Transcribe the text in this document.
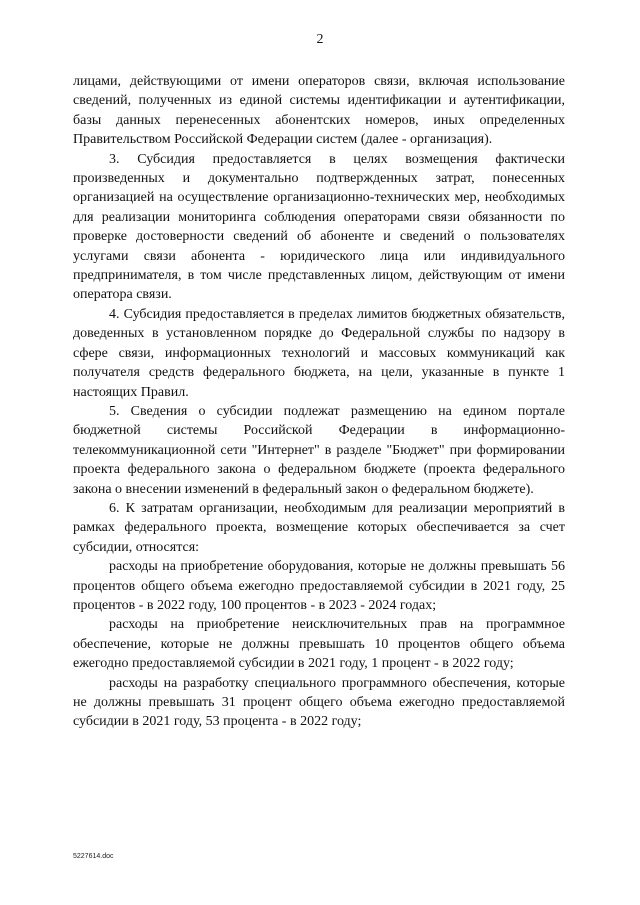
2

лицами, действующими от имени операторов связи, включая использование сведений, полученных из единой системы идентификации и аутентификации, базы данных перенесенных абонентских номеров, иных определенных Правительством Российской Федерации систем (далее - организация).

3. Субсидия предоставляется в целях возмещения фактически произведенных и документально подтвержденных затрат, понесенных организацией на осуществление организационно-технических мер, необходимых для реализации мониторинга соблюдения операторами связи обязанности по проверке достоверности сведений об абоненте и сведений о пользователях услугами связи абонента - юридического лица или индивидуального предпринимателя, в том числе представленных лицом, действующим от имени оператора связи.

4. Субсидия предоставляется в пределах лимитов бюджетных обязательств, доведенных в установленном порядке до Федеральной службы по надзору в сфере связи, информационных технологий и массовых коммуникаций как получателя средств федерального бюджета, на цели, указанные в пункте 1 настоящих Правил.

5. Сведения о субсидии подлежат размещению на едином портале бюджетной системы Российской Федерации в информационно-телекоммуникационной сети "Интернет" в разделе "Бюджет" при формировании проекта федерального закона о федеральном бюджете (проекта федерального закона о внесении изменений в федеральный закон о федеральном бюджете).

6. К затратам организации, необходимым для реализации мероприятий в рамках федерального проекта, возмещение которых обеспечивается за счет субсидии, относятся:

расходы на приобретение оборудования, которые не должны превышать 56 процентов общего объема ежегодно предоставляемой субсидии в 2021 году, 25 процентов - в 2022 году, 100 процентов - в 2023 - 2024 годах;

расходы на приобретение неисключительных прав на программное обеспечение, которые не должны превышать 10 процентов общего объема ежегодно предоставляемой субсидии в 2021 году, 1 процент - в 2022 году;

расходы на разработку специального программного обеспечения, которые не должны превышать 31 процент общего объема ежегодно предоставляемой субсидии в 2021 году, 53 процента - в 2022 году;

5227614.doc
